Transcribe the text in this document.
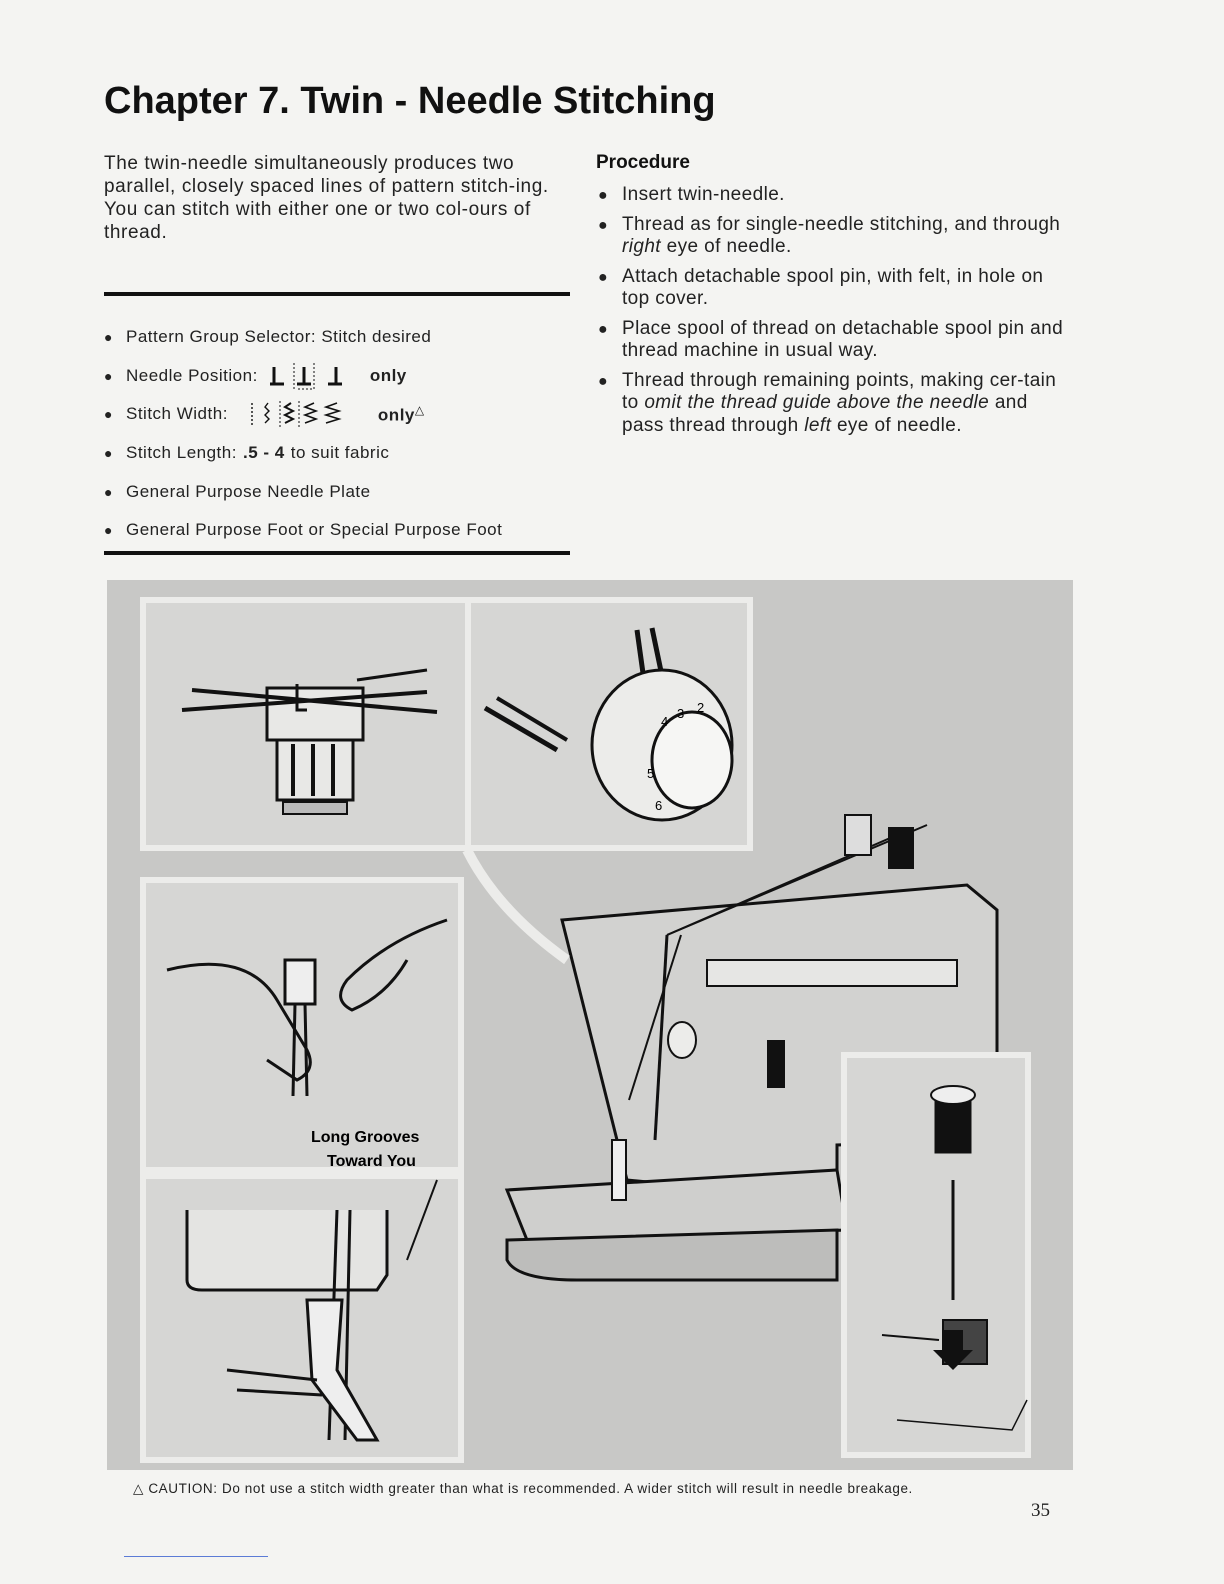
Chapter 7. Twin - Needle Stitching

The twin-needle simultaneously produces two parallel, closely spaced lines of pattern stitch-ing. You can stitch with either one or two col-ours of thread.

● Pattern Group Selector: Stitch desired
● Needle Position:	only
● Stitch Width:	only△
● Stitch Length: .5 - 4 to suit fabric
● General Purpose Needle Plate
● General Purpose Foot or Special Purpose Foot
Procedure
● Insert twin-needle.
● Thread as for single-needle stitching, and through right eye of needle.
● Attach detachable spool pin, with felt, in hole on top cover.
● Place spool of thread on detachable spool pin and thread machine in usual way.
● Thread through remaining points, making cer-tain to omit the thread guide above the needle and pass thread through left eye of needle.
2
3
4
5
6
Long Grooves
Toward You

△ CAUTION: Do not use a stitch width greater than what is recommended. A wider stitch will result in needle breakage.

35
